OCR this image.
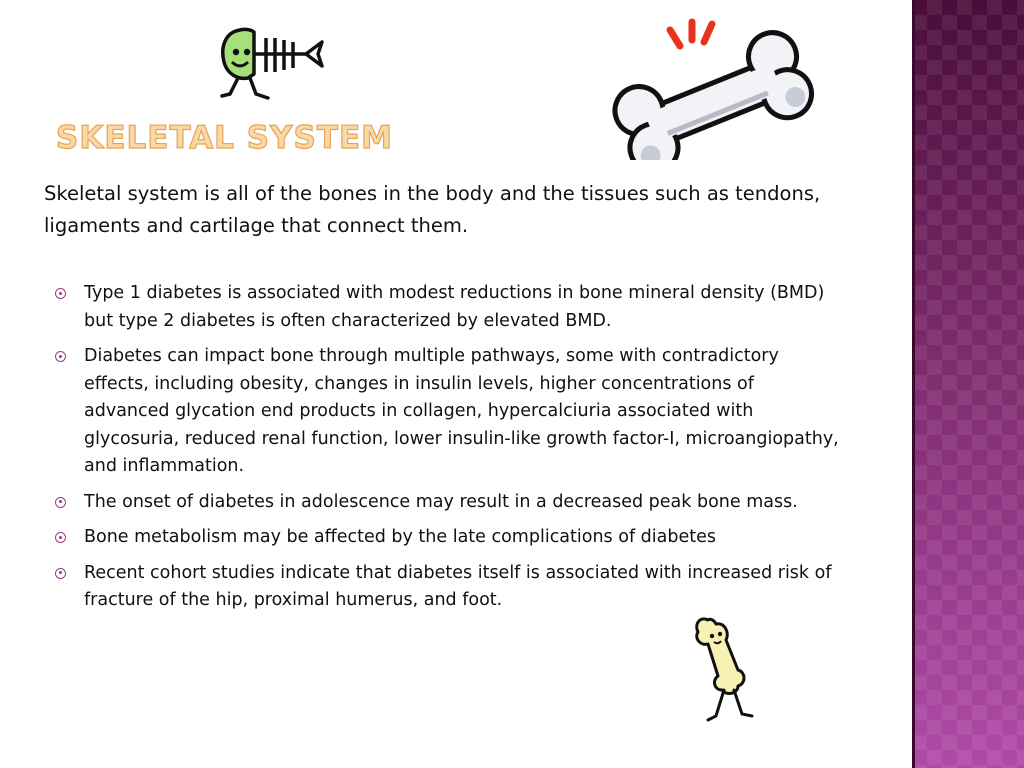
SKELETAL SYSTEM
Skeletal system is all of the bones in the body and the tissues such as tendons, ligaments and cartilage that connect them.
Type 1 diabetes is associated with modest reductions in bone mineral density (BMD) but type 2 diabetes is often characterized by elevated BMD.
Diabetes can impact bone through multiple pathways, some with contradictory effects, including obesity, changes in insulin levels, higher concentrations of advanced glycation end products in collagen, hypercalciuria associated with glycosuria, reduced renal function, lower insulin-like growth factor-I, microangiopathy, and inflammation.
The onset of diabetes in adolescence may result in a decreased peak bone mass.
Bone metabolism may be affected by the late complications of diabetes
Recent cohort studies indicate that diabetes itself is associated with increased risk of fracture of the hip, proximal humerus, and foot.
